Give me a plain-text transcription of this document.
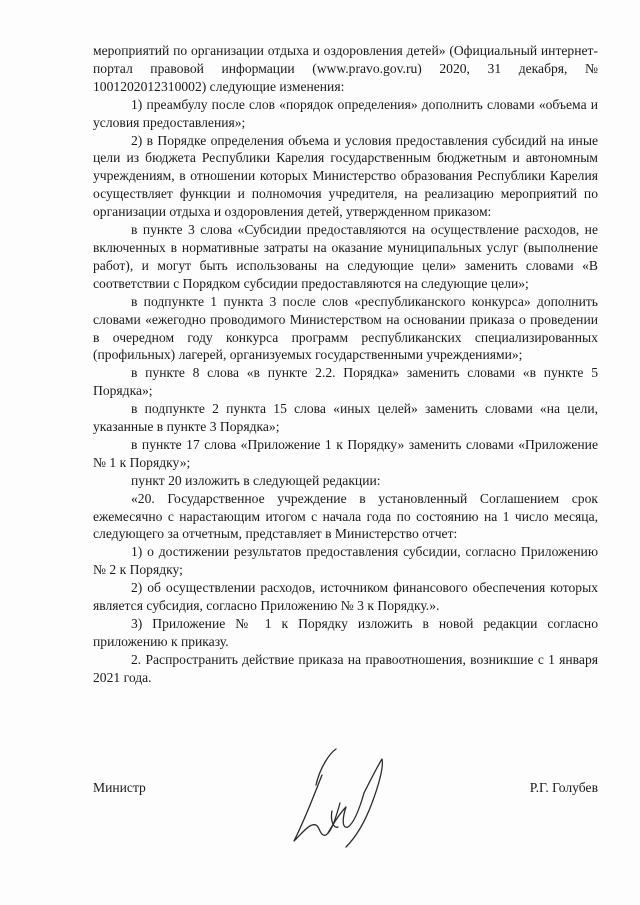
мероприятий по организации отдыха и оздоровления детей» (Официальный интернет-портал правовой информации (www.pravo.gov.ru) 2020, 31 декабря, № 1001202012310002) следующие изменения:

1) преамбулу после слов «порядок определения» дополнить словами «объема и условия предоставления»;

2) в Порядке определения объема и условия предоставления субсидий на иные цели из бюджета Республики Карелия государственным бюджетным и автономным учреждениям, в отношении которых Министерство образования Республики Карелия осуществляет функции и полномочия учредителя, на реализацию мероприятий по организации отдыха и оздоровления детей, утвержденном приказом:

в пункте 3 слова «Субсидии предоставляются на осуществление расходов, не включенных в нормативные затраты на оказание муниципальных услуг (выполнение работ), и могут быть использованы на следующие цели» заменить словами «В соответствии с Порядком субсидии предоставляются на следующие цели»;

в подпункте 1 пункта 3 после слов «республиканского конкурса» дополнить словами «ежегодно проводимого Министерством на основании приказа о проведении в очередном году конкурса программ республиканских специализированных (профильных) лагерей, организуемых государственными учреждениями»;

в пункте 8 слова «в пункте 2.2. Порядка» заменить словами «в пункте 5 Порядка»;

в подпункте 2 пункта 15 слова «иных целей» заменить словами «на цели, указанные в пункте 3 Порядка»;

в пункте 17 слова «Приложение 1 к Порядку» заменить словами «Приложение № 1 к Порядку»;

пункт 20 изложить в следующей редакции:

«20. Государственное учреждение в установленный Соглашением срок ежемесячно с нарастающим итогом с начала года по состоянию на 1 число месяца, следующего за отчетным, представляет в Министерство отчет:

1) о достижении результатов предоставления субсидии, согласно Приложению № 2 к Порядку;

2) об осуществлении расходов, источником финансового обеспечения которых является субсидия, согласно Приложению № 3 к Порядку.».

3) Приложение № 1 к Порядку изложить в новой редакции согласно приложению к приказу.

2. Распространить действие приказа на правоотношения, возникшие с 1 января 2021 года.

Министр	Р.Г. Голубев
